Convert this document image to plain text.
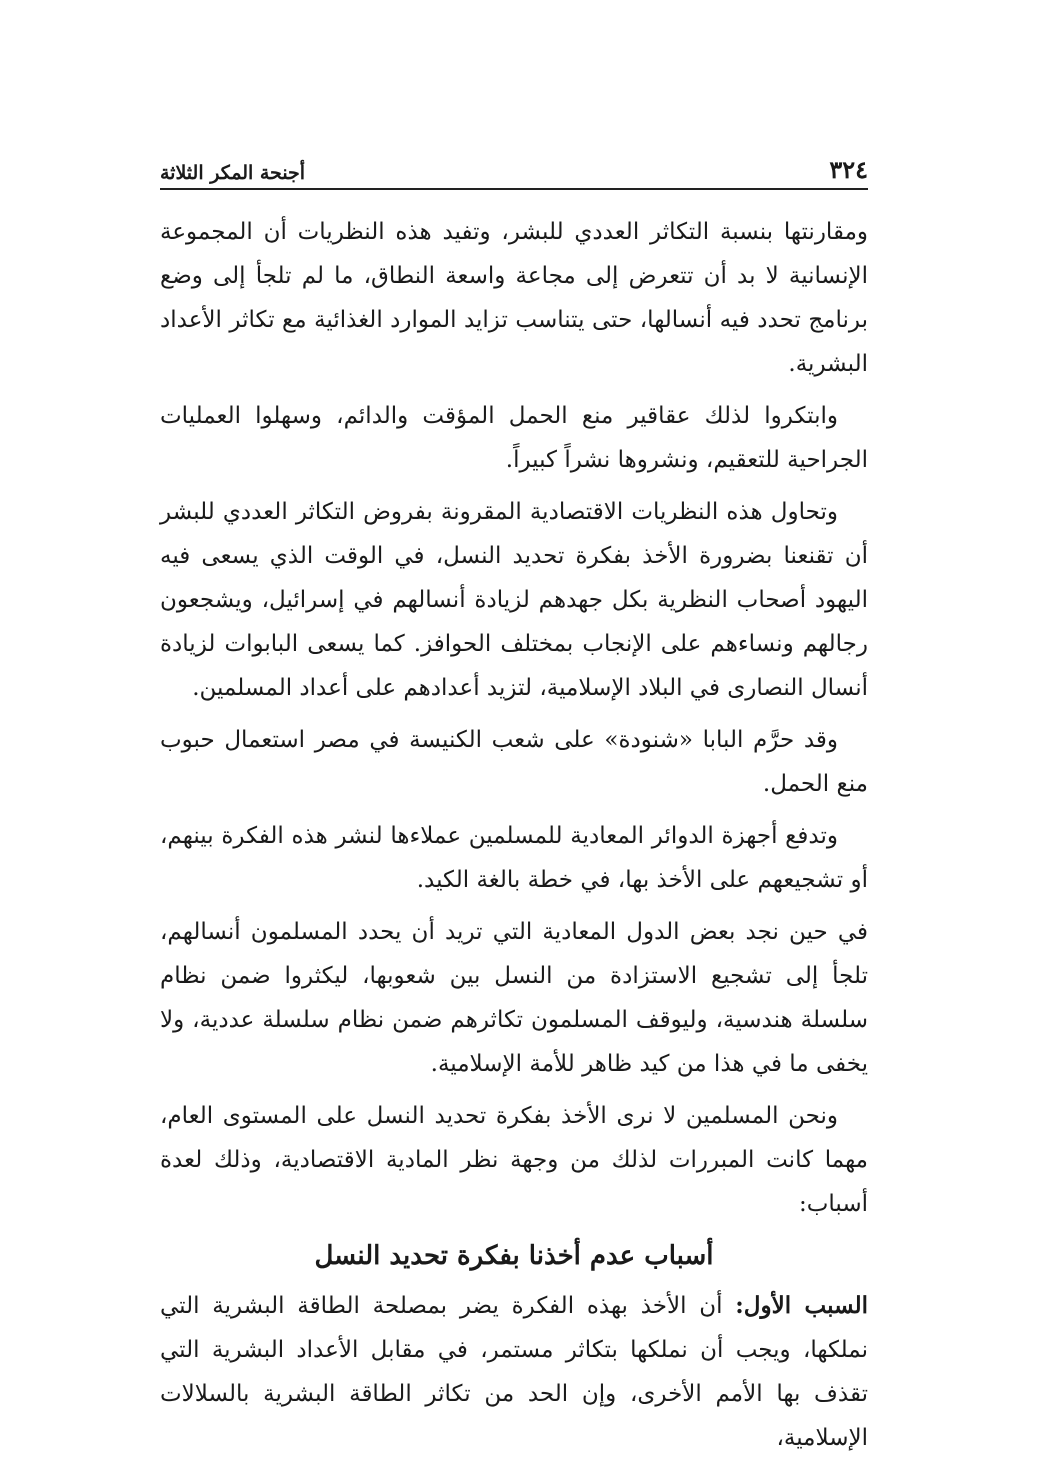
٣٢٤
أجنحة المكر الثلاثة

ومقارنتها بنسبة التكاثر العددي للبشر، وتفيد هذه النظريات أن المجموعة الإنسانية لا بد أن تتعرض إلى مجاعة واسعة النطاق، ما لم تلجأ إلى وضع برنامج تحدد فيه أنسالها، حتى يتناسب تزايد الموارد الغذائية مع تكاثر الأعداد البشرية.

وابتكروا لذلك عقاقير منع الحمل المؤقت والدائم، وسهلوا العمليات الجراحية للتعقيم، ونشروها نشراً كبيراً.

وتحاول هذه النظريات الاقتصادية المقرونة بفروض التكاثر العددي للبشر أن تقنعنا بضرورة الأخذ بفكرة تحديد النسل، في الوقت الذي يسعى فيه اليهود أصحاب النظرية بكل جهدهم لزيادة أنسالهم في إسرائيل، ويشجعون رجالهم ونساءهم على الإنجاب بمختلف الحوافز. كما يسعى البابوات لزيادة أنسال النصارى في البلاد الإسلامية، لتزيد أعدادهم على أعداد المسلمين.

وقد حرَّم البابا «شنودة» على شعب الكنيسة في مصر استعمال حبوب منع الحمل.

وتدفع أجهزة الدوائر المعادية للمسلمين عملاءها لنشر هذه الفكرة بينهم، أو تشجيعهم على الأخذ بها، في خطة بالغة الكيد.

في حين نجد بعض الدول المعادية التي تريد أن يحدد المسلمون أنسالهم، تلجأ إلى تشجيع الاستزادة من النسل بين شعوبها، ليكثروا ضمن نظام سلسلة هندسية، وليوقف المسلمون تكاثرهم ضمن نظام سلسلة عددية، ولا يخفى ما في هذا من كيد ظاهر للأمة الإسلامية.

ونحن المسلمين لا نرى الأخذ بفكرة تحديد النسل على المستوى العام، مهما كانت المبررات لذلك من وجهة نظر المادية الاقتصادية، وذلك لعدة أسباب:

أسباب عدم أخذنا بفكرة تحديد النسل

السبب الأول: أن الأخذ بهذه الفكرة يضر بمصلحة الطاقة البشرية التي نملكها، ويجب أن نملكها بتكاثر مستمر، في مقابل الأعداد البشرية التي تقذف بها الأمم الأخرى، وإن الحد من تكاثر الطاقة البشرية بالسلالات الإسلامية،
